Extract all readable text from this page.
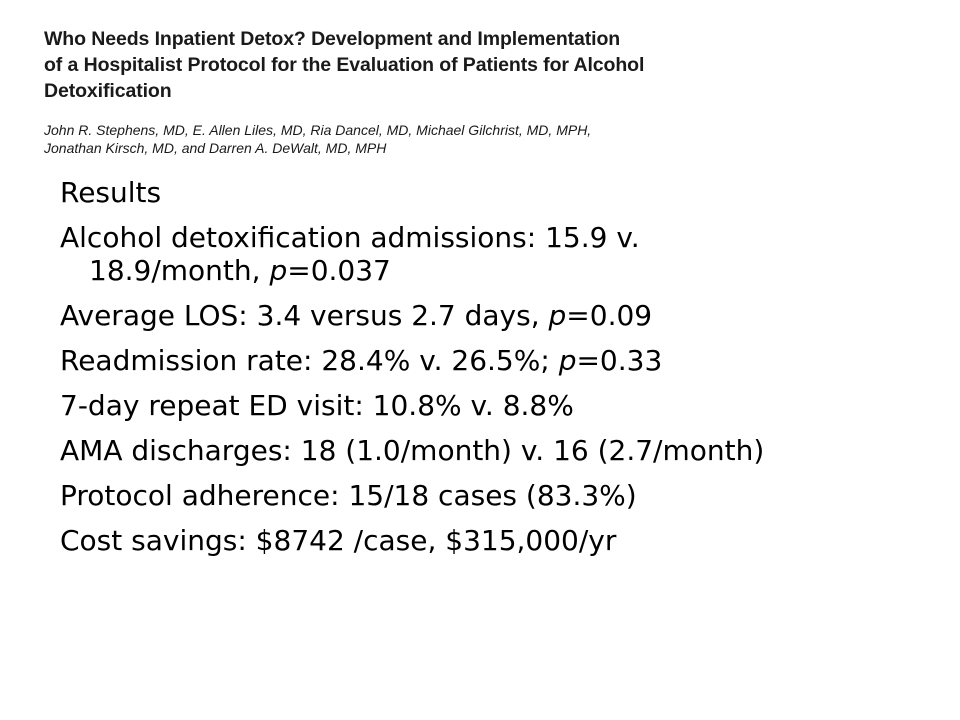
Who Needs Inpatient Detox? Development and Implementation
of a Hospitalist Protocol for the Evaluation of Patients for Alcohol
Detoxification

John R. Stephens, MD, E. Allen Liles, MD, Ria Dancel, MD, Michael Gilchrist, MD, MPH,
Jonathan Kirsch, MD, and Darren A. DeWalt, MD, MPH

Results
Alcohol detoxification admissions: 15.9 v.
18.9/month, p=0.037
Average LOS: 3.4 versus 2.7 days, p=0.09
Readmission rate: 28.4% v. 26.5%; p=0.33
7-day repeat ED visit: 10.8% v. 8.8%
AMA discharges: 18 (1.0/month) v. 16 (2.7/month)
Protocol adherence: 15/18 cases (83.3%)
Cost savings: $8742 /case, $315,000/yr
